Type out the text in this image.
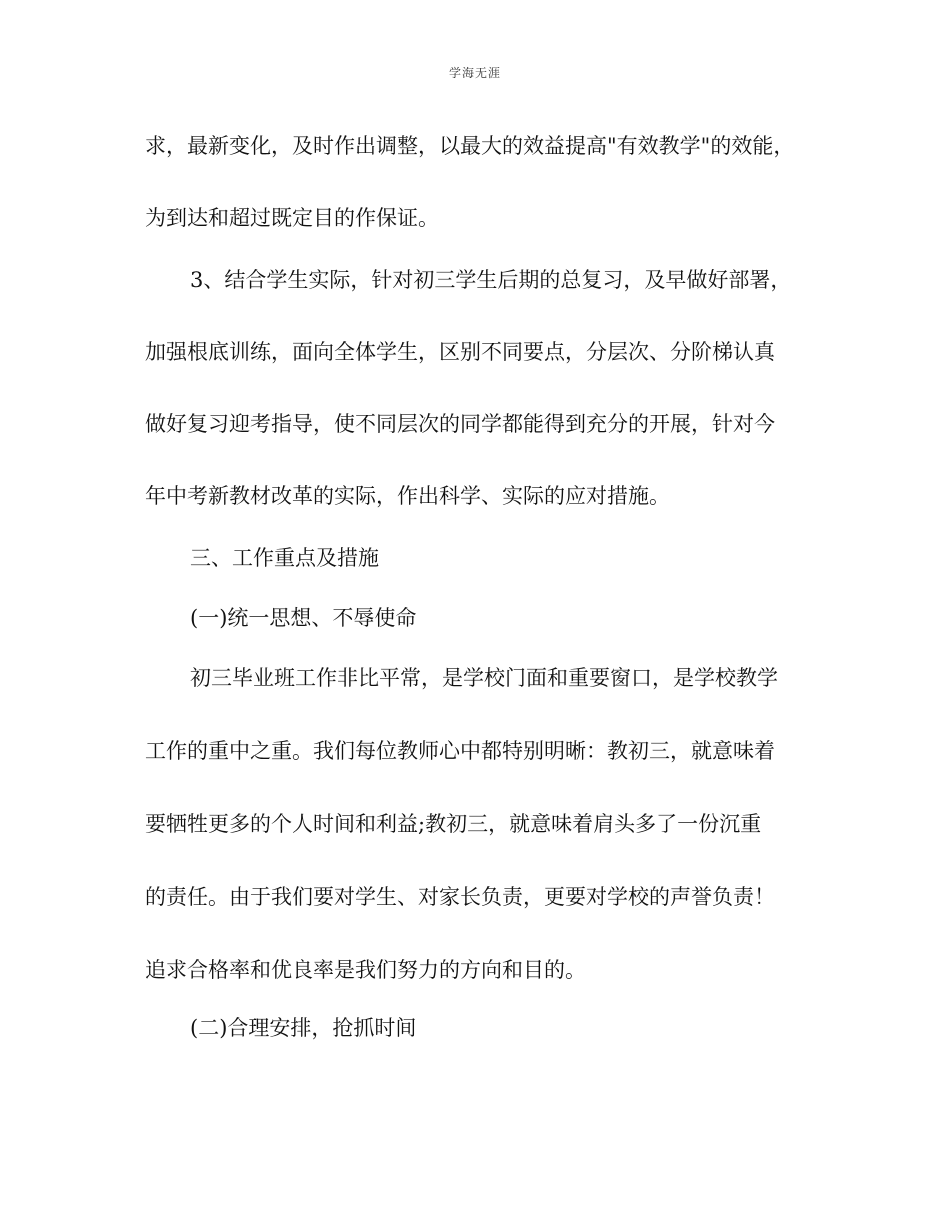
学海无涯
求，最新变化，及时作出调整，以最大的效益提高"有效教学"的效能，
为到达和超过既定目的作保证。
3、结合学生实际，针对初三学生后期的总复习，及早做好部署，
加强根底训练，面向全体学生，区别不同要点，分层次、分阶梯认真
做好复习迎考指导，使不同层次的同学都能得到充分的开展，针对今
年中考新教材改革的实际，作出科学、实际的应对措施。
三、工作重点及措施
(一)统一思想、不辱使命
初三毕业班工作非比平常，是学校门面和重要窗口，是学校教学
工作的重中之重。我们每位教师心中都特别明晰：教初三，就意味着
要牺牲更多的个人时间和利益;教初三，就意味着肩头多了一份沉重
的责任。由于我们要对学生、对家长负责，更要对学校的声誉负责！
追求合格率和优良率是我们努力的方向和目的。
(二)合理安排，抢抓时间
